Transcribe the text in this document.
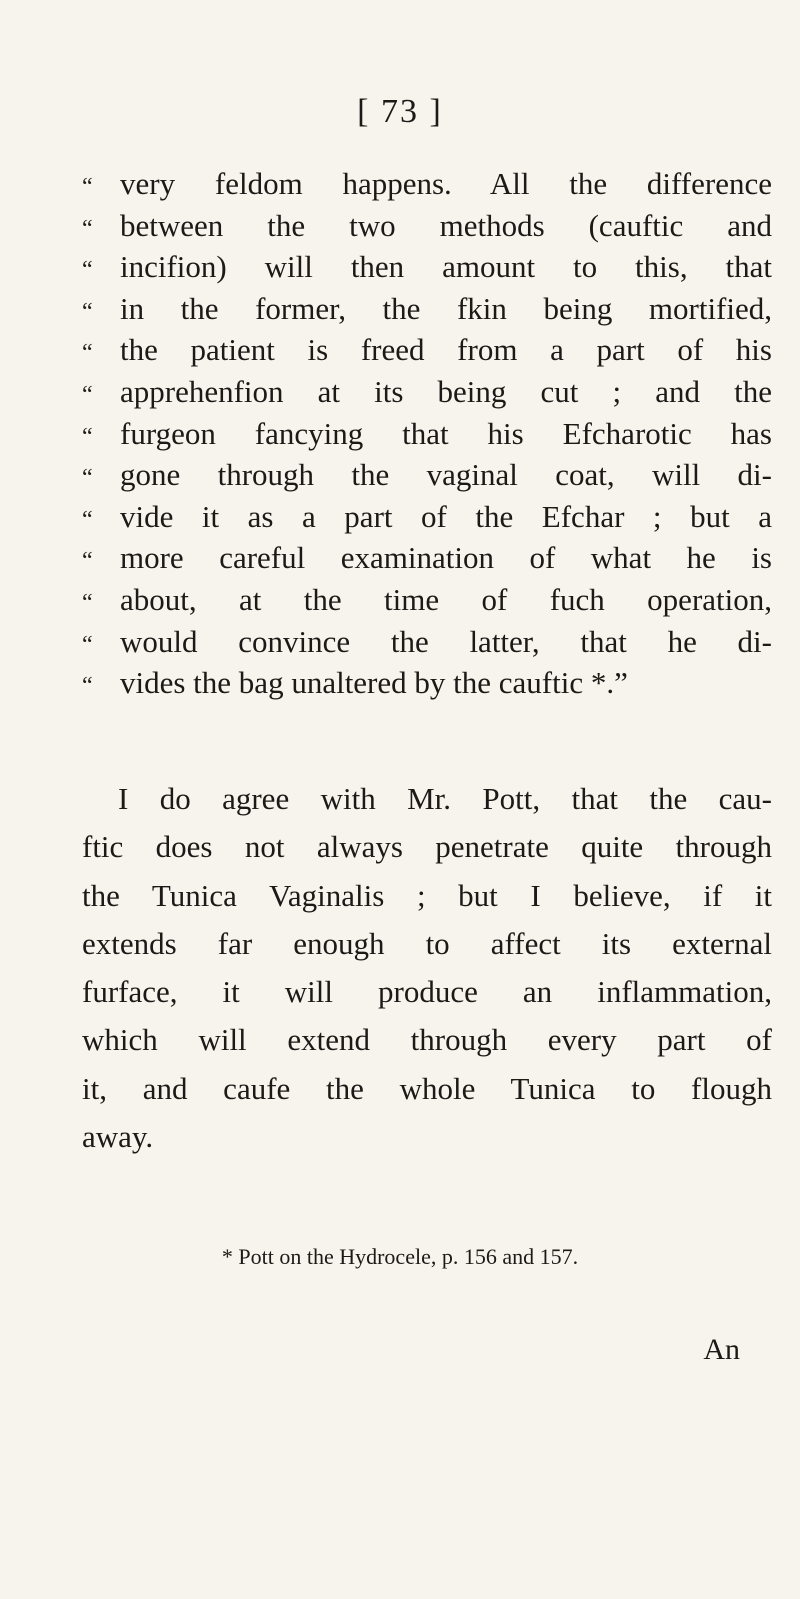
[ 73 ]
“ very feldom happens. All the difference
“ between the two methods (cauftic and
“ incifion) will then amount to this, that
“ in the former, the fkin being mortified,
“ the patient is freed from a part of his
“ apprehenfion at its being cut ; and the
“ furgeon fancying that his Efcharotic has
“ gone through the vaginal coat, will di-
“ vide it as a part of the Efchar ; but a
“ more careful examination of what he is
“ about, at the time of fuch operation,
“ would convince the latter, that he di-
“ vides the bag unaltered by the cauftic *.”
I do agree with Mr. Pott, that the cau-
ftic does not always penetrate quite through
the Tunica Vaginalis ; but I believe, if it
extends far enough to affect its external
furface, it will produce an inflammation,
which will extend through every part of
it, and caufe the whole Tunica to flough
away.
* Pott on the Hydrocele, p. 156 and 157.
An
